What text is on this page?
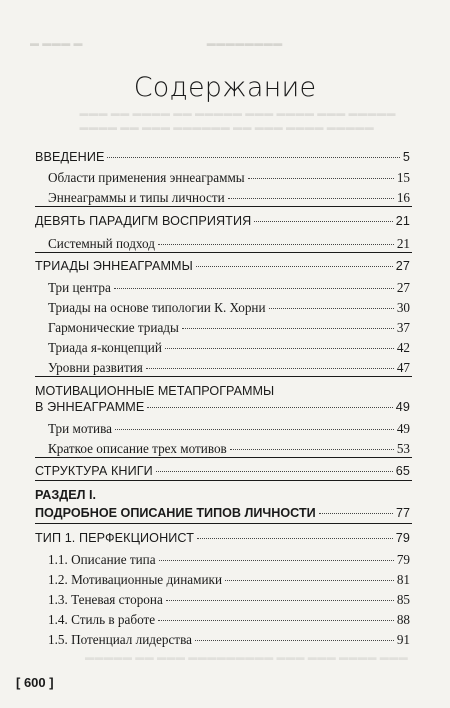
▬ ▬▬▬ ▬                                             ▬▬▬▬▬▬▬▬
▬▬▬ ▬▬ ▬▬▬▬ ▬▬ ▬▬▬▬▬ ▬▬▬ ▬▬▬▬ ▬▬▬ ▬▬▬▬▬
▬▬▬▬ ▬▬ ▬▬▬ ▬▬▬▬▬▬ ▬▬ ▬▬▬ ▬▬▬▬ ▬▬▬▬▬
Содержание
ВВЕДЕНИЕ	5
Области применения эннеаграммы	15
Эннеаграммы и типы личности	16
ДЕВЯТЬ ПАРАДИГМ ВОСПРИЯТИЯ	21
Системный подход	21
ТРИАДЫ ЭННЕАГРАММЫ	27
Три центра	27
Триады на основе типологии К. Хорни	30
Гармонические триады	37
Триада я-концепций	42
Уровни развития	47
МОТИВАЦИОННЫЕ МЕТАПРОГРАММЫ
В ЭННЕАГРАММЕ	49
Три мотива	49
Краткое описание трех мотивов	53
СТРУКТУРА КНИГИ	65
РАЗДЕЛ I.
ПОДРОБНОЕ ОПИСАНИЕ ТИПОВ ЛИЧНОСТИ	77
ТИП 1. ПЕРФЕКЦИОНИСТ	79
1.1. Описание типа	79
1.2. Мотивационные динамики	81
1.3. Теневая сторона	85
1.4. Стиль в работе	88
1.5. Потенциал лидерства	91
▬▬▬▬▬ ▬▬ ▬▬▬ ▬▬▬▬▬▬▬▬▬ ▬▬▬ ▬▬▬ ▬▬▬▬ ▬▬▬
[ 600 ]
